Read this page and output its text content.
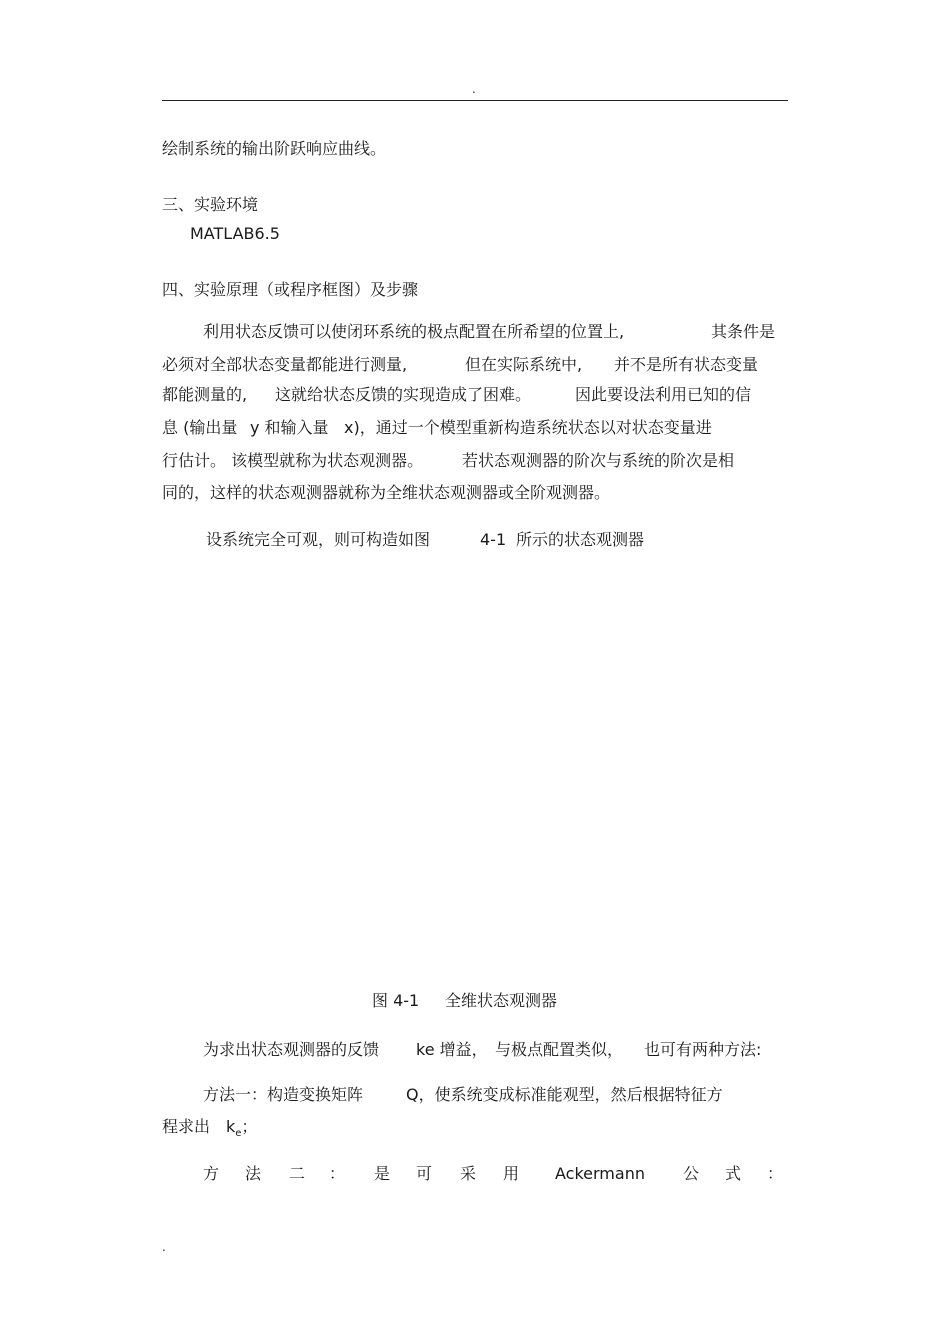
.
绘制系统的输出阶跃响应曲线。
三、实验环境
MATLAB6.5
四、实验原理（或程序框图）及步骤
利用状态反馈可以使闭环系统的极点配置在所希望的位置上,	其条件是
必须对全部状态变量都能进行测量,	但在实际系统中, 并不是所有状态变量
都能测量的, 这就给状态反馈的实现造成了困难。	因此要设法利用已知的信
息 (输出量 y 和输入量 x)，通过一个模型重新构造系统状态以对状态变量进
行估计。 该模型就称为状态观测器。 若状态观测器的阶次与系统的阶次是相
同的，这样的状态观测器就称为全维状态观测器或全阶观测器。
设系统完全可观，则可构造如图	4-1 所示的状态观测器
图 4-1 全维状态观测器
为求出状态观测器的反馈 ke 增益， 与极点配置类似， 也可有两种方法:
方法一：构造变换矩阵	Q，使系统变成标准能观型，然后根据特征方
程求出 $k_e$；
方 法 二 ： 是 可 采 用 Ackermann 公 式 ：
.
